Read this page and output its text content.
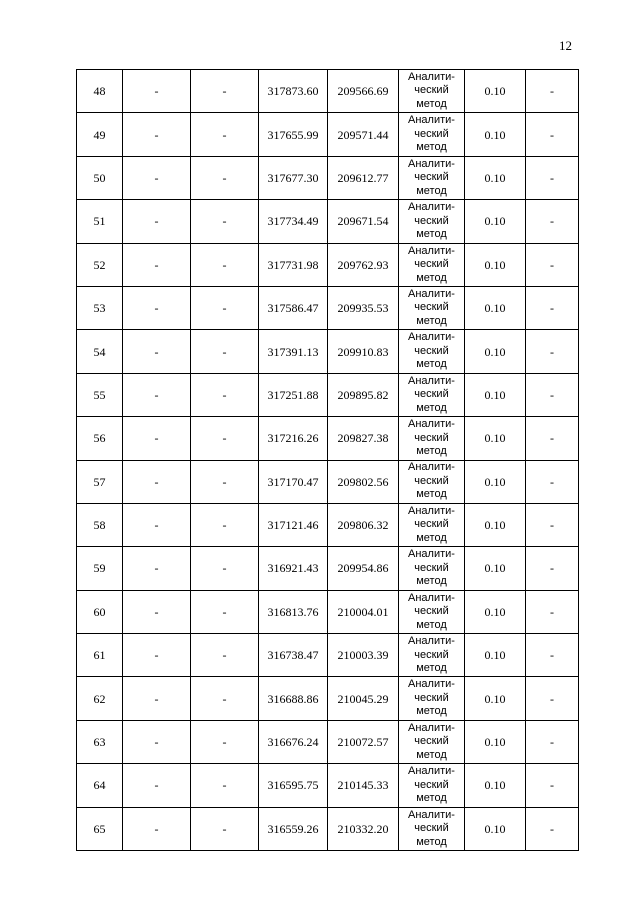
12
48	-	-	317873.60	209566.69	Аналити-
ческий
метод	0.10	-
49	-	-	317655.99	209571.44	Аналити-
ческий
метод	0.10	-
50	-	-	317677.30	209612.77	Аналити-
ческий
метод	0.10	-
51	-	-	317734.49	209671.54	Аналити-
ческий
метод	0.10	-
52	-	-	317731.98	209762.93	Аналити-
ческий
метод	0.10	-
53	-	-	317586.47	209935.53	Аналити-
ческий
метод	0.10	-
54	-	-	317391.13	209910.83	Аналити-
ческий
метод	0.10	-
55	-	-	317251.88	209895.82	Аналити-
ческий
метод	0.10	-
56	-	-	317216.26	209827.38	Аналити-
ческий
метод	0.10	-
57	-	-	317170.47	209802.56	Аналити-
ческий
метод	0.10	-
58	-	-	317121.46	209806.32	Аналити-
ческий
метод	0.10	-
59	-	-	316921.43	209954.86	Аналити-
ческий
метод	0.10	-
60	-	-	316813.76	210004.01	Аналити-
ческий
метод	0.10	-
61	-	-	316738.47	210003.39	Аналити-
ческий
метод	0.10	-
62	-	-	316688.86	210045.29	Аналити-
ческий
метод	0.10	-
63	-	-	316676.24	210072.57	Аналити-
ческий
метод	0.10	-
64	-	-	316595.75	210145.33	Аналити-
ческий
метод	0.10	-
65	-	-	316559.26	210332.20	Аналити-
ческий
метод	0.10	-
